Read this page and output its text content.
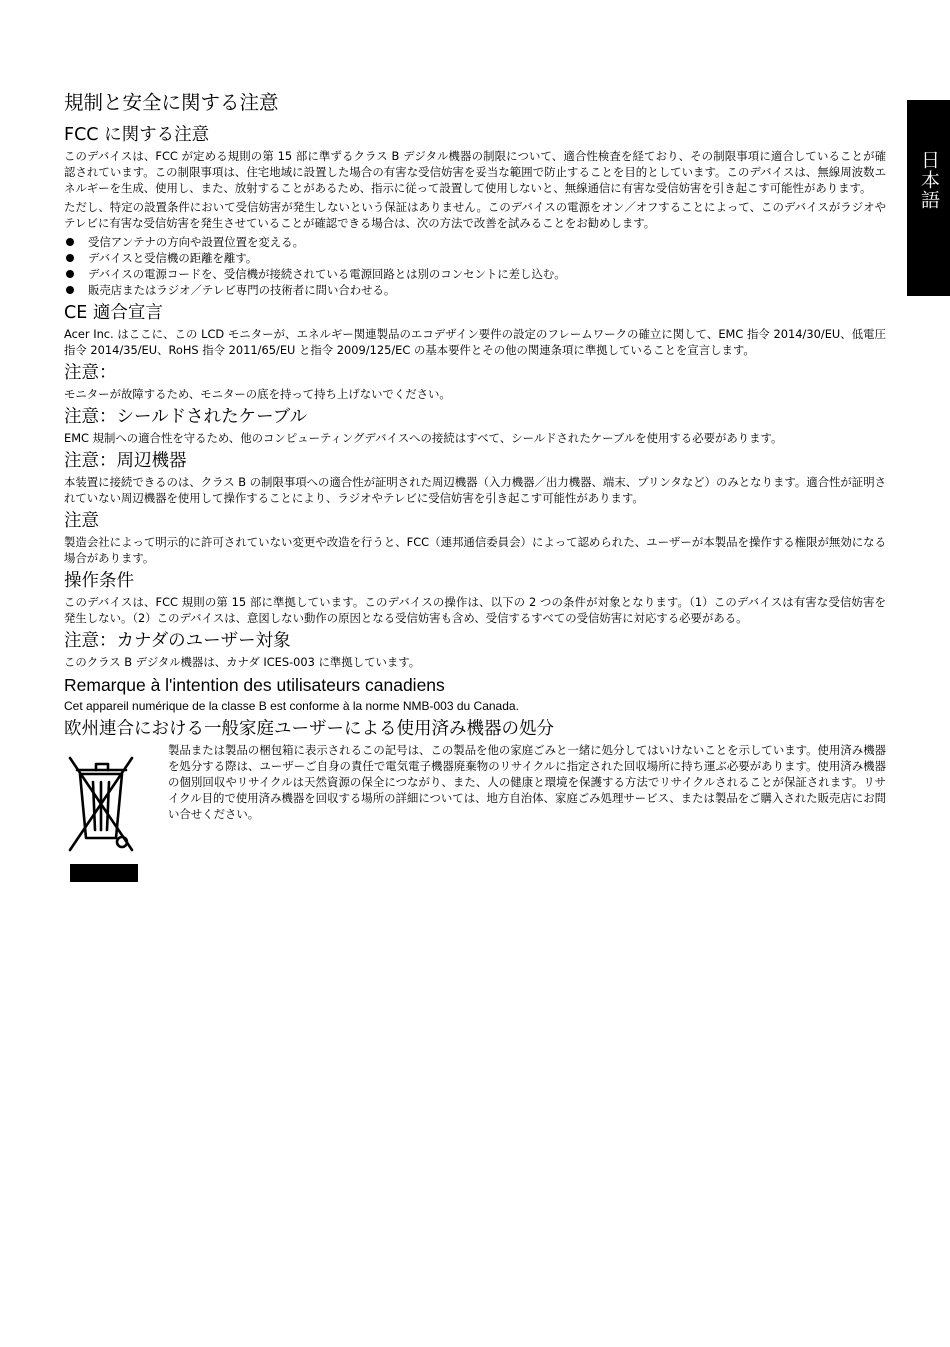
日本語
規制と安全に関する注意
FCC に関する注意

このデバイスは、FCC が定める規則の第 15 部に準ずるクラス B デジタル機器の制限について、適合性検査を経ており、その制限事項に適合していることが確認されています。この制限事項は、住宅地域に設置した場合の有害な受信妨害を妥当な範囲で防止することを目的としています。このデバイスは、無線周波数エネルギーを生成、使用し、また、放射することがあるため、指示に従って設置して使用しないと、無線通信に有害な受信妨害を引き起こす可能性があります。

ただし、特定の設置条件において受信妨害が発生しないという保証はありません。このデバイスの電源をオン／オフすることによって、このデバイスがラジオやテレビに有害な受信妨害を発生させていることが確認できる場合は、次の方法で改善を試みることをお勧めします。

受信アンテナの方向や設置位置を変える。
デバイスと受信機の距離を離す。
デバイスの電源コードを、受信機が接続されている電源回路とは別のコンセントに差し込む。
販売店またはラジオ／テレビ専門の技術者に問い合わせる。
CE 適合宣言

Acer Inc. はここに、この LCD モニターが、エネルギー関連製品のエコデザイン要件の設定のフレームワークの確立に関して、EMC 指令 2014/30/EU、低電圧指令 2014/35/EU、RoHS 指令 2011/65/EU と指令 2009/125/EC の基本要件とその他の関連条項に準拠していることを宣言します。

注意：

モニターが故障するため、モニターの底を持って持ち上げないでください。

注意：シールドされたケーブル

EMC 規制への適合性を守るため、他のコンピューティングデバイスへの接続はすべて、シールドされたケーブルを使用する必要があります。

注意：周辺機器

本装置に接続できるのは、クラス B の制限事項への適合性が証明された周辺機器（入力機器／出力機器、端末、プリンタなど）のみとなります。適合性が証明されていない周辺機器を使用して操作することにより、ラジオやテレビに受信妨害を引き起こす可能性があります。

注意

製造会社によって明示的に許可されていない変更や改造を行うと、FCC（連邦通信委員会）によって認められた、ユーザーが本製品を操作する権限が無効になる場合があります。

操作条件

このデバイスは、FCC 規則の第 15 部に準拠しています。このデバイスの操作は、以下の 2 つの条件が対象となります。（1）このデバイスは有害な受信妨害を発生しない。（2）このデバイスは、意図しない動作の原因となる受信妨害も含め、受信するすべての受信妨害に対応する必要がある。

注意：カナダのユーザー対象

このクラス B デジタル機器は、カナダ ICES-003 に準拠しています。

Remarque à l'intention des utilisateurs canadiens

Cet appareil numérique de la classe B est conforme à la norme NMB-003 du Canada.

欧州連合における一般家庭ユーザーによる使用済み機器の処分

製品または製品の梱包箱に表示されるこの記号は、この製品を他の家庭ごみと一緒に処分してはいけないことを示しています。使用済み機器を処分する際は、ユーザーご自身の責任で電気電子機器廃棄物のリサイクルに指定された回収場所に持ち運ぶ必要があります。使用済み機器の個別回収やリサイクルは天然資源の保全につながり、また、人の健康と環境を保護する方法でリサイクルされることが保証されます。リサイクル目的で使用済み機器を回収する場所の詳細については、地方自治体、家庭ごみ処理サービス、または製品をご購入された販売店にお問い合せください。
